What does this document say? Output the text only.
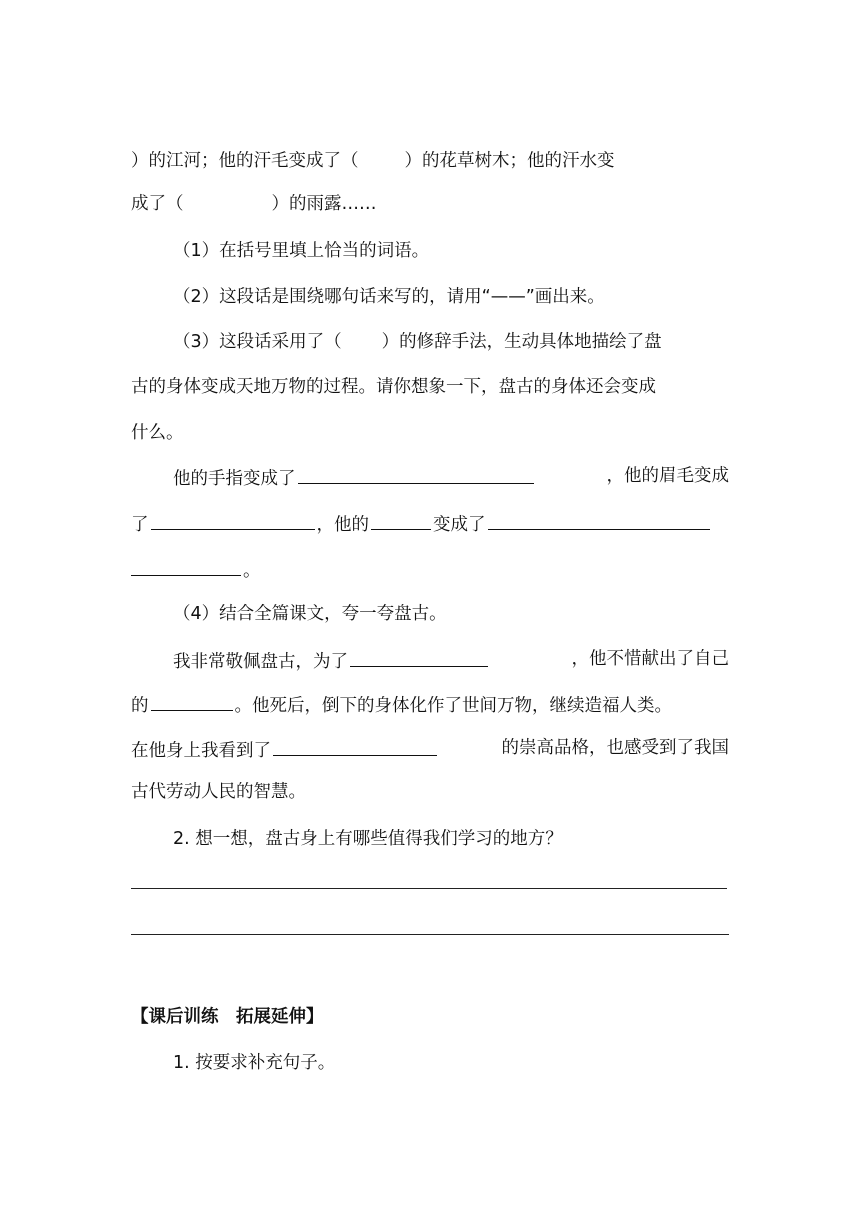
）的江河；他的汗毛变成了（	）的花草树木；他的汗水变
成了（	）的雨露……
（1）在括号里填上恰当的词语。
（2）这段话是围绕哪句话来写的，请用“——”画出来。
（3）这段话采用了（ ）的修辞手法，生动具体地描绘了盘
古的身体变成天地万物的过程。请你想象一下，盘古的身体还会变成
什么。
他的手指变成了	，他的眉毛变成
了	，他的	变成了
。
（4）结合全篇课文，夸一夸盘古。
我非常敬佩盘古，为了	，他不惜献出了自己
的	。他死后，倒下的身体化作了世间万物，继续造福人类。
在他身上我看到了	的崇高品格，也感受到了我国
古代劳动人民的智慧。
2. 想一想，盘古身上有哪些值得我们学习的地方？
【课后训练　拓展延伸】
1. 按要求补充句子。
